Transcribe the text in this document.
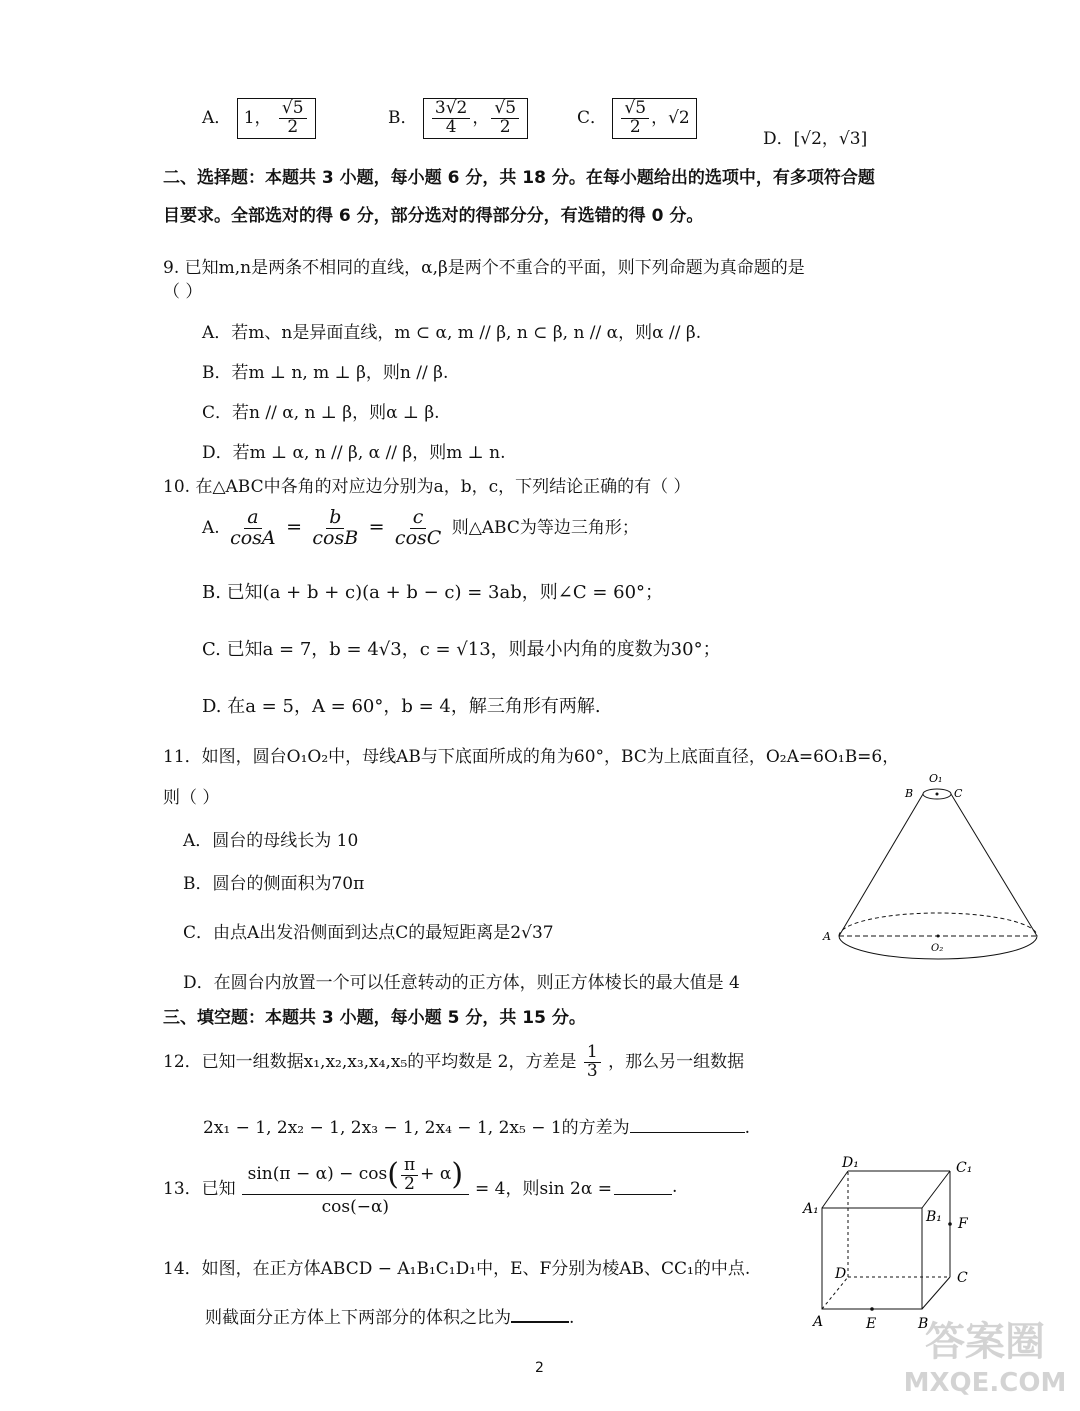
A． 1， $\frac{√5}{2}$	B． $\frac{3√2}{4}$ ， $\frac{√5}{2}$	C． $\frac{√5}{2}$ ，√2
D．[√2，√3]
二、选择题：本题共 3 小题，每小题 6 分，共 18 分。在每小题给出的选项中，有多项符合题
目要求。全部选对的得 6 分，部分选对的得部分分，有选错的得 0 分。
9. 已知m,n是两条不相同的直线，α,β是两个不重合的平面，则下列命题为真命题的是
（ ）
A．若m、n是异面直线，m ⊂ α, m // β, n ⊂ β, n // α，则α // β.
B．若m ⊥ n, m ⊥ β，则n // β.
C．若n // α, n ⊥ β，则α ⊥ β.
D．若m ⊥ α, n // β, α // β，则m ⊥ n.
10. 在△ABC中各角的对应边分别为a，b，c，下列结论正确的有（ ）
A. $\frac{a}{\cos A} = \frac{b}{\cos B} = \frac{c}{\cos C}$ 则△ABC为等边三角形；
B. 已知(a + b + c)(a + b − c) = 3ab，则∠C = 60°；
C. 已知a = 7，b = 4√3，c = √13，则最小内角的度数为30°；
D. 在a = 5，A = 60°，b = 4，解三角形有两解.
11．如图，圆台O₁O₂中，母线AB与下底面所成的角为60°，BC为上底面直径，O₂A=6O₁B=6，
则（ ）
A．圆台的母线长为 10
B．圆台的侧面积为70π
C．由点A出发沿侧面到达点C的最短距离是2√37
D．在圆台内放置一个可以任意转动的正方体，则正方体棱长的最大值是 4
O₁
B	C
A
O₂
三、填空题：本题共 3 小题，每小题 5 分，共 15 分。
12．已知一组数据x₁,x₂,x₃,x₄,x₅的平均数是 2，方差是 $\frac{1}{3}$ ，那么另一组数据
2x₁ − 1, 2x₂ − 1, 2x₃ − 1, 2x₄ − 1, 2x₅ − 1的方差为	.
13．已知 $\frac{\sin(\pi - \alpha) - \cos ( \frac{\pi}{2} + \alpha )}{\cos(-\alpha)} = 4$，则sin 2α =	.
14．如图，在正方体ABCD − A₁B₁C₁D₁中，E、F分别为棱AB、CC₁的中点.
则截面分正方体上下两部分的体积之比为	.
D₁	C₁
A₁	B₁ F
D	C
A	E	B
2
答案圈
MXQE.COM
